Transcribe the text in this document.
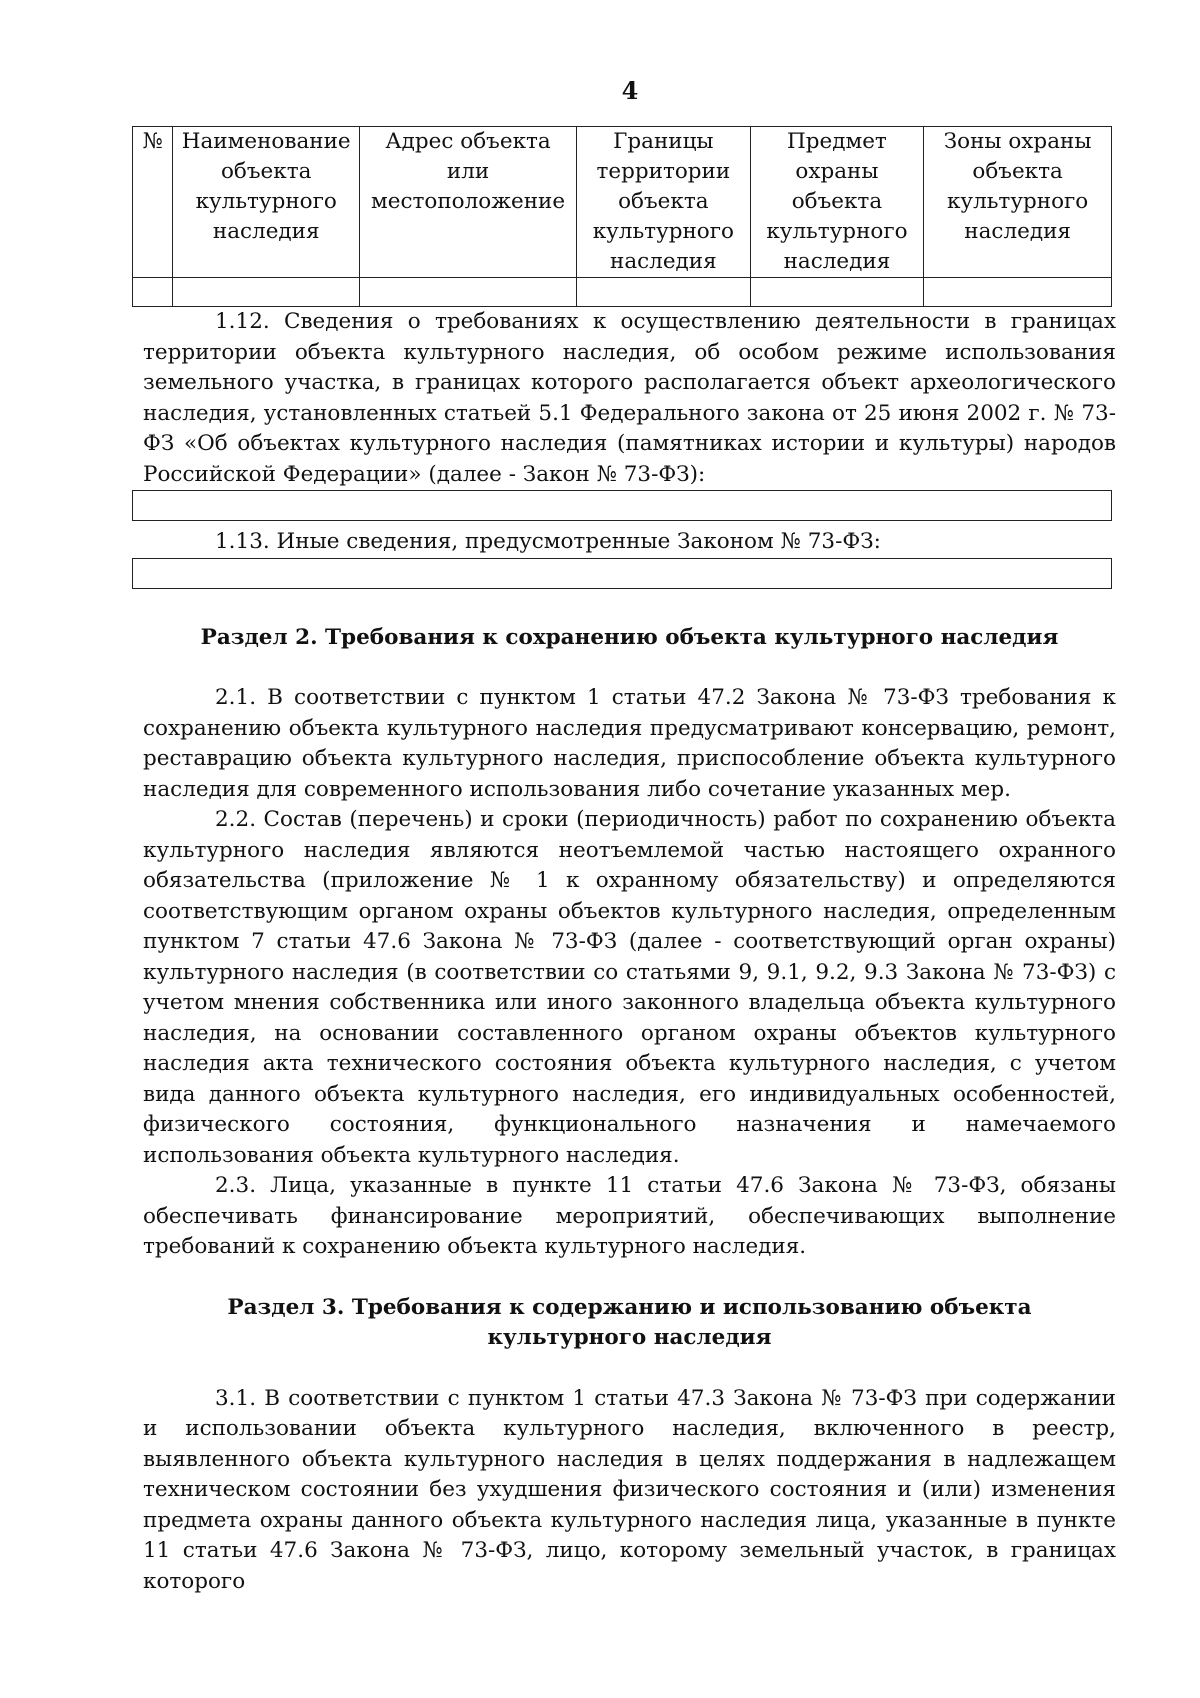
4
№	Наименование объекта культурного наследия	Адрес объекта или местоположение	Границы территории объекта культурного наследия	Предмет охраны объекта культурного наследия	Зоны охраны объекта культурного наследия

1.12. Сведения о требованиях к осуществлению деятельности в границах территории объекта культурного наследия, об особом режиме использования земельного участка, в границах которого располагается объект археологического наследия, установленных статьей 5.1 Федерального закона от 25 июня 2002 г. № 73-ФЗ «Об объектах культурного наследия (памятниках истории и культуры) народов Российской Федерации» (далее - Закон № 73-ФЗ):

1.13. Иные сведения, предусмотренные Законом № 73-ФЗ:

Раздел 2. Требования к сохранению объекта культурного наследия

2.1. В соответствии с пунктом 1 статьи 47.2 Закона № 73-ФЗ требования к сохранению объекта культурного наследия предусматривают консервацию, ремонт, реставрацию объекта культурного наследия, приспособление объекта культурного наследия для современного использования либо сочетание указанных мер.

2.2. Состав (перечень) и сроки (периодичность) работ по сохранению объекта культурного наследия являются неотъемлемой частью настоящего охранного обязательства (приложение № 1 к охранному обязательству) и определяются соответствующим органом охраны объектов культурного наследия, определенным пунктом 7 статьи 47.6 Закона № 73-ФЗ (далее - соответствующий орган охраны) культурного наследия (в соответствии со статьями 9, 9.1, 9.2, 9.3 Закона № 73-ФЗ) с учетом мнения собственника или иного законного владельца объекта культурного наследия, на основании составленного органом охраны объектов культурного наследия акта технического состояния объекта культурного наследия, с учетом вида данного объекта культурного наследия, его индивидуальных особенностей, физического состояния, функционального назначения и намечаемого использования объекта культурного наследия.

2.3. Лица, указанные в пункте 11 статьи 47.6 Закона № 73-ФЗ, обязаны обеспечивать финансирование мероприятий, обеспечивающих выполнение требований к сохранению объекта культурного наследия.

Раздел 3. Требования к содержанию и использованию объекта
культурного наследия

3.1. В соответствии с пунктом 1 статьи 47.3 Закона № 73-ФЗ при содержании и использовании объекта культурного наследия, включенного в реестр, выявленного объекта культурного наследия в целях поддержания в надлежащем техническом состоянии без ухудшения физического состояния и (или) изменения предмета охраны данного объекта культурного наследия лица, указанные в пункте 11 статьи 47.6 Закона № 73-ФЗ, лицо, которому земельный участок, в границах которого
